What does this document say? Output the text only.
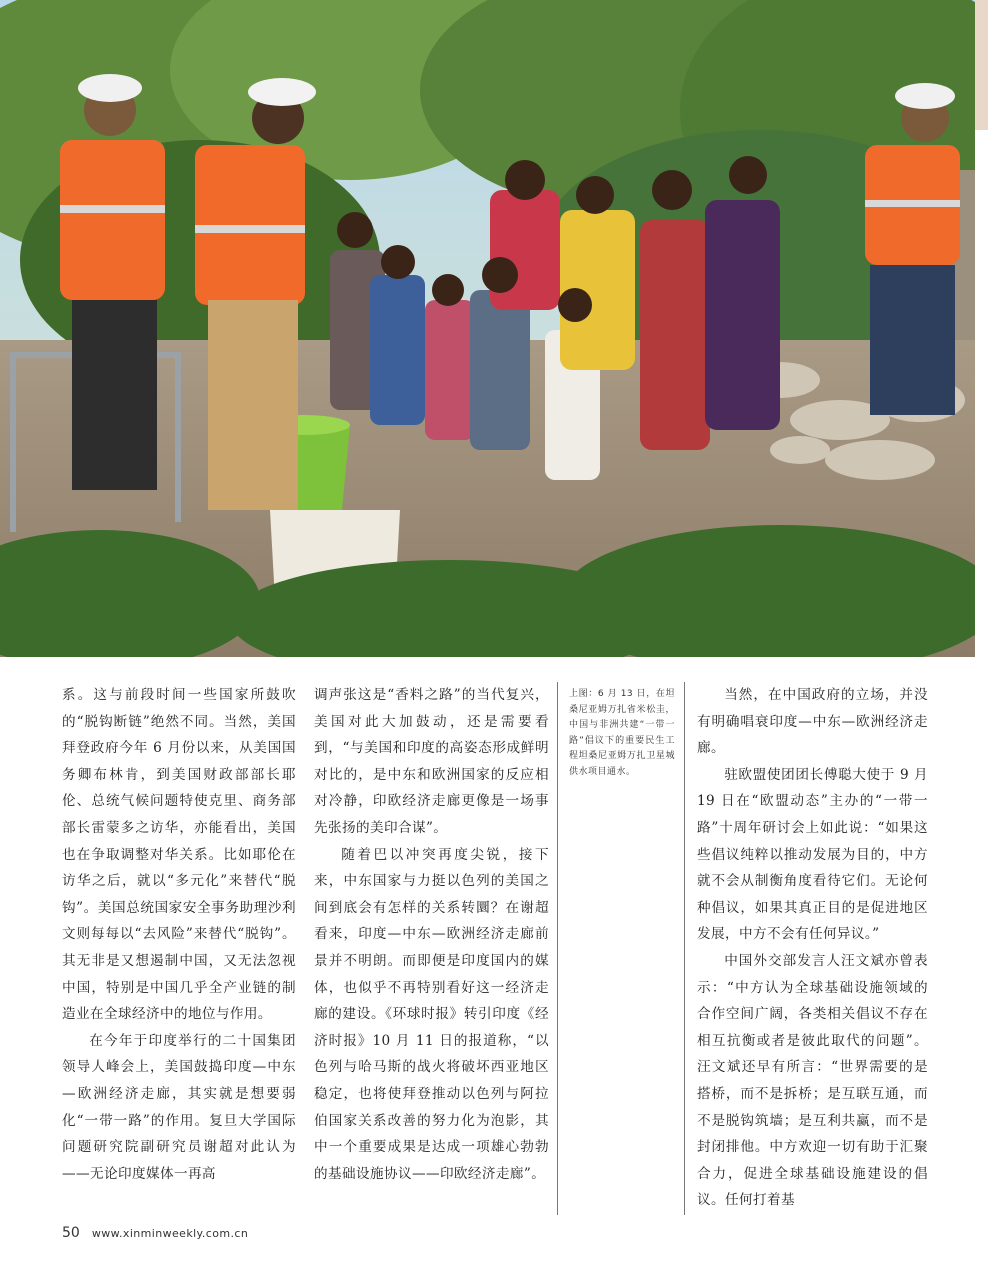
系。这与前段时间一些国家所鼓吹的“脱钩断链”绝然不同。当然，美国拜登政府今年 6 月份以来，从美国国务卿布林肯，到美国财政部部长耶伦、总统气候问题特使克里、商务部部长雷蒙多之访华，亦能看出，美国也在争取调整对华关系。比如耶伦在访华之后，就以“多元化”来替代“脱钩”。美国总统国家安全事务助理沙利文则每每以“去风险”来替代“脱钩”。其无非是又想遏制中国，又无法忽视中国，特别是中国几乎全产业链的制造业在全球经济中的地位与作用。

在今年于印度举行的二十国集团领导人峰会上，美国鼓捣印度—中东—欧洲经济走廊，其实就是想要弱化“一带一路”的作用。复旦大学国际问题研究院副研究员谢超对此认为——无论印度媒体一再高

调声张这是“香料之路”的当代复兴，美国对此大加鼓动，还是需要看到，“与美国和印度的高姿态形成鲜明对比的，是中东和欧洲国家的反应相对冷静，印欧经济走廊更像是一场事先张扬的美印合谋”。

随着巴以冲突再度尖锐，接下来，中东国家与力挺以色列的美国之间到底会有怎样的关系转圜？在谢超看来，印度—中东—欧洲经济走廊前景并不明朗。而即便是印度国内的媒体，也似乎不再特别看好这一经济走廊的建设。《环球时报》转引印度《经济时报》10 月 11 日的报道称，“以色列与哈马斯的战火将破坏西亚地区稳定，也将使拜登推动以色列与阿拉伯国家关系改善的努力化为泡影，其中一个重要成果是达成一项雄心勃勃的基础设施协议——印欧经济走廊”。

上图：6 月 13 日，在坦桑尼亚姆万扎省米松圭，中国与非洲共建“一带一路”倡议下的重要民生工程坦桑尼亚姆万扎卫星城供水项目通水。

当然，在中国政府的立场，并没有明确唱衰印度—中东—欧洲经济走廊。

驻欧盟使团团长傅聪大使于 9 月 19 日在“欧盟动态”主办的“一带一路”十周年研讨会上如此说：“如果这些倡议纯粹以推动发展为目的，中方就不会从制衡角度看待它们。无论何种倡议，如果其真正目的是促进地区发展，中方不会有任何异议。”

中国外交部发言人汪文斌亦曾表示：“中方认为全球基础设施领域的合作空间广阔，各类相关倡议不存在相互抗衡或者是彼此取代的问题”。汪文斌还早有所言：“世界需要的是搭桥，而不是拆桥；是互联互通，而不是脱钩筑墙；是互利共赢，而不是封闭排他。中方欢迎一切有助于汇聚合力，促进全球基础设施建设的倡议。任何打着基

50 www.xinminweekly.com.cn
